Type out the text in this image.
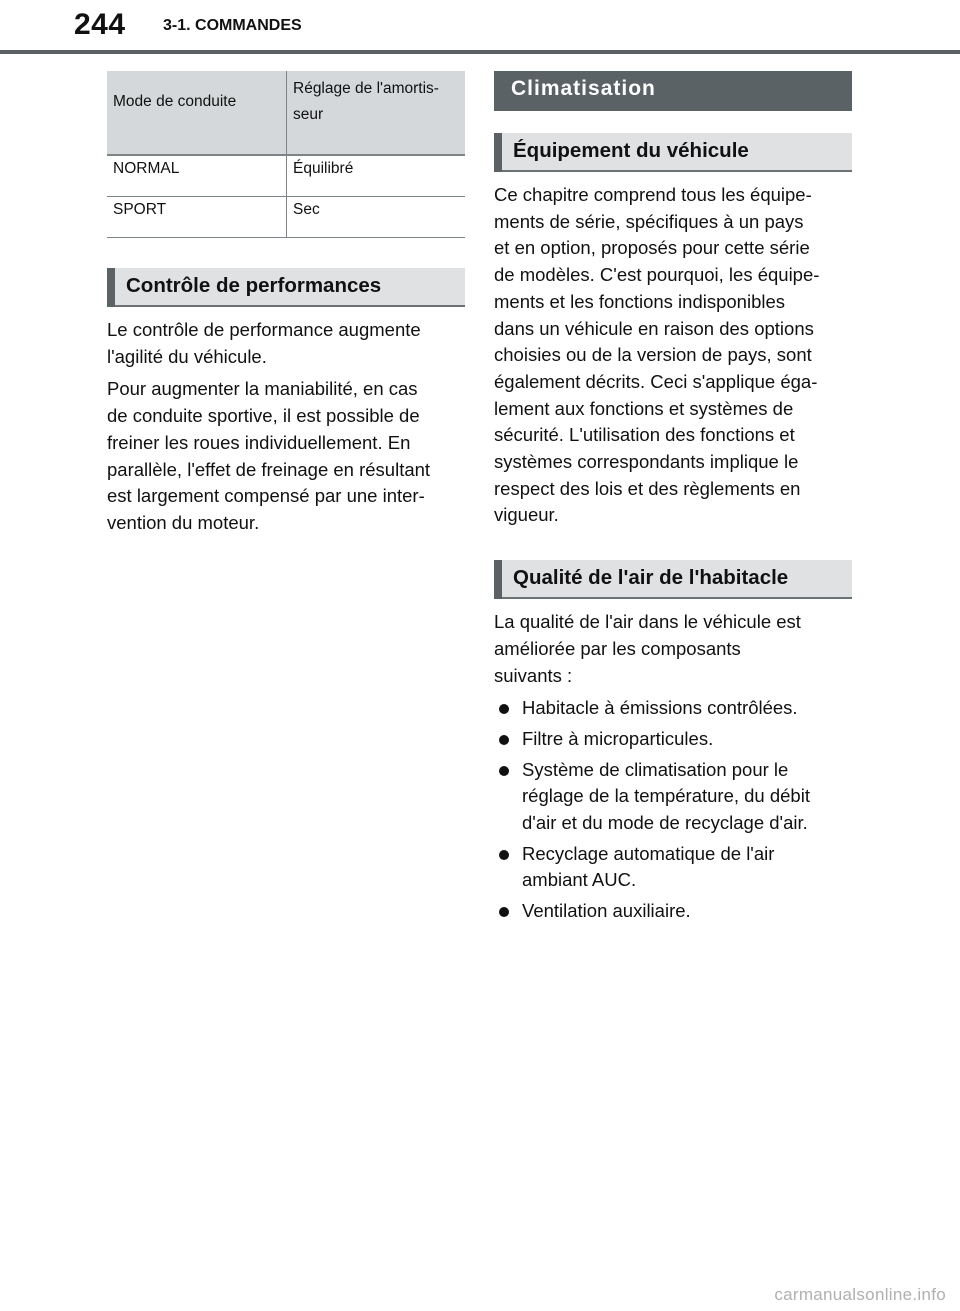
244 3-1. COMMANDES
Mode de conduite	Réglage de l'amortis-
seur
NORMAL	Équilibré
SPORT	Sec
Contrôle de performances

Le contrôle de performance augmente
l'agilité du véhicule.

Pour augmenter la maniabilité, en cas
de conduite sportive, il est possible de
freiner les roues individuellement. En
parallèle, l'effet de freinage en résultant
est largement compensé par une inter-
vention du moteur.

Climatisation
Équipement du véhicule

Ce chapitre comprend tous les équipe-
ments de série, spécifiques à un pays
et en option, proposés pour cette série
de modèles. C'est pourquoi, les équipe-
ments et les fonctions indisponibles
dans un véhicule en raison des options
choisies ou de la version de pays, sont
également décrits. Ceci s'applique éga-
lement aux fonctions et systèmes de
sécurité. L'utilisation des fonctions et
systèmes correspondants implique le
respect des lois et des règlements en
vigueur.

Qualité de l'air de l'habitacle

La qualité de l'air dans le véhicule est
améliorée par les composants
suivants :

Habitacle à émissions contrôlées.
Filtre à microparticules.
Système de climatisation pour le
réglage de la température, du débit
d'air et du mode de recyclage d'air.
Recyclage automatique de l'air
ambiant AUC.
Ventilation auxiliaire.
carmanualsonline.info
